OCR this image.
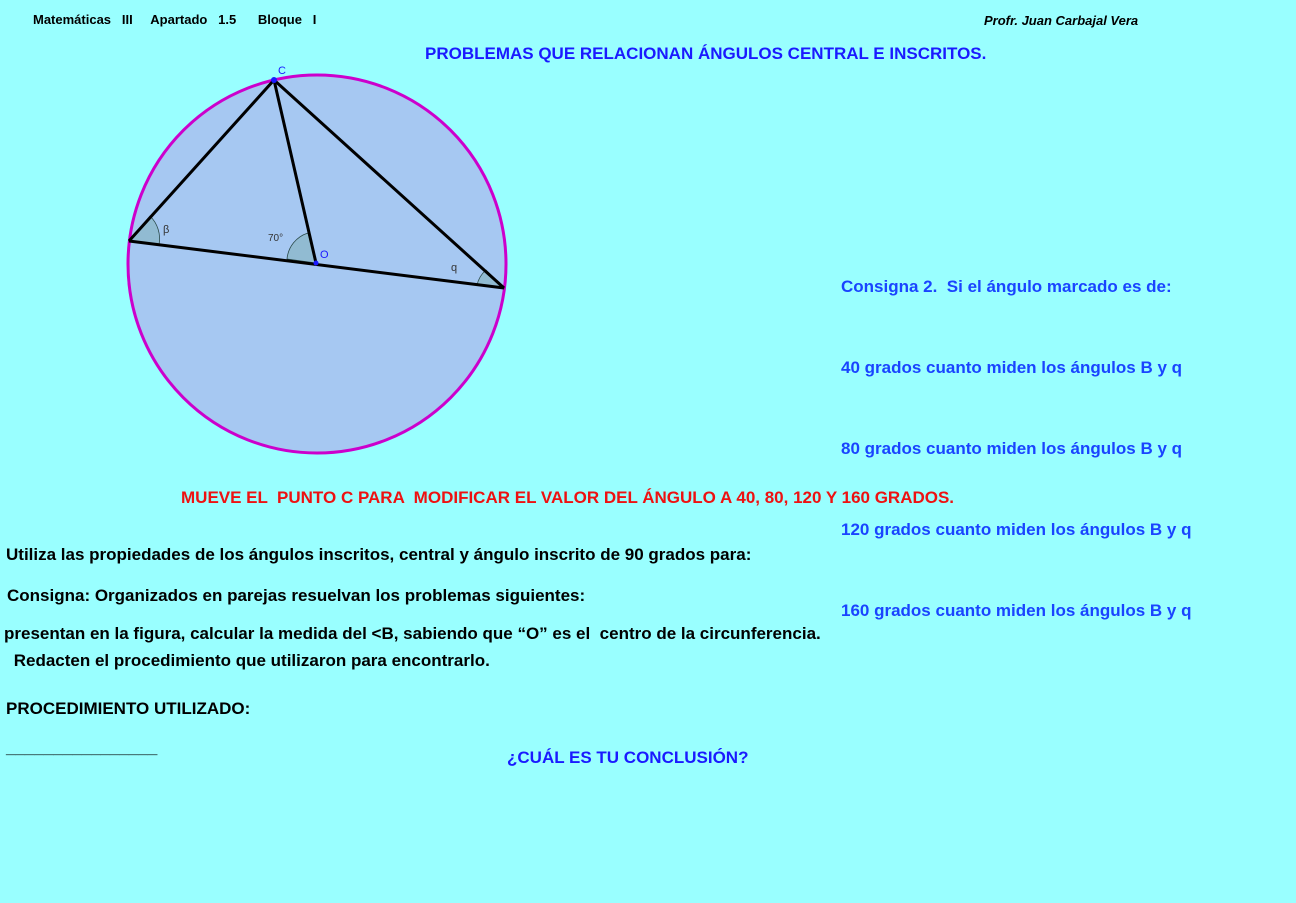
Matemáticas   III     Apartado   1.5      Bloque   I	Profr. Juan Carbajal Vera
PROBLEMAS QUE RELACIONAN ÁNGULOS CENTRAL E INSCRITOS.
C
O
β
70°
q

Consigna 2.  Si el ángulo marcado es de:

40 grados cuanto miden los ángulos B y q

80 grados cuanto miden los ángulos B y q

120 grados cuanto miden los ángulos B y q

160 grados cuanto miden los ángulos B y q

MUEVE EL  PUNTO C PARA  MODIFICAR EL VALOR DEL ÁNGULO A 40, 80, 120 Y 160 GRADOS.
Utiliza las propiedades de los ángulos inscritos, central y ángulo inscrito de 90 grados para:
Consigna: Organizados en parejas resuelvan los problemas siguientes:
presentan en la figura, calcular la medida del <B, sabiendo que “O” es el  centro de la circunferencia.
Redacten el procedimiento que utilizaron para encontrarlo.
PROCEDIMIENTO UTILIZADO:
________________
¿CUÁL ES TU CONCLUSIÓN?
